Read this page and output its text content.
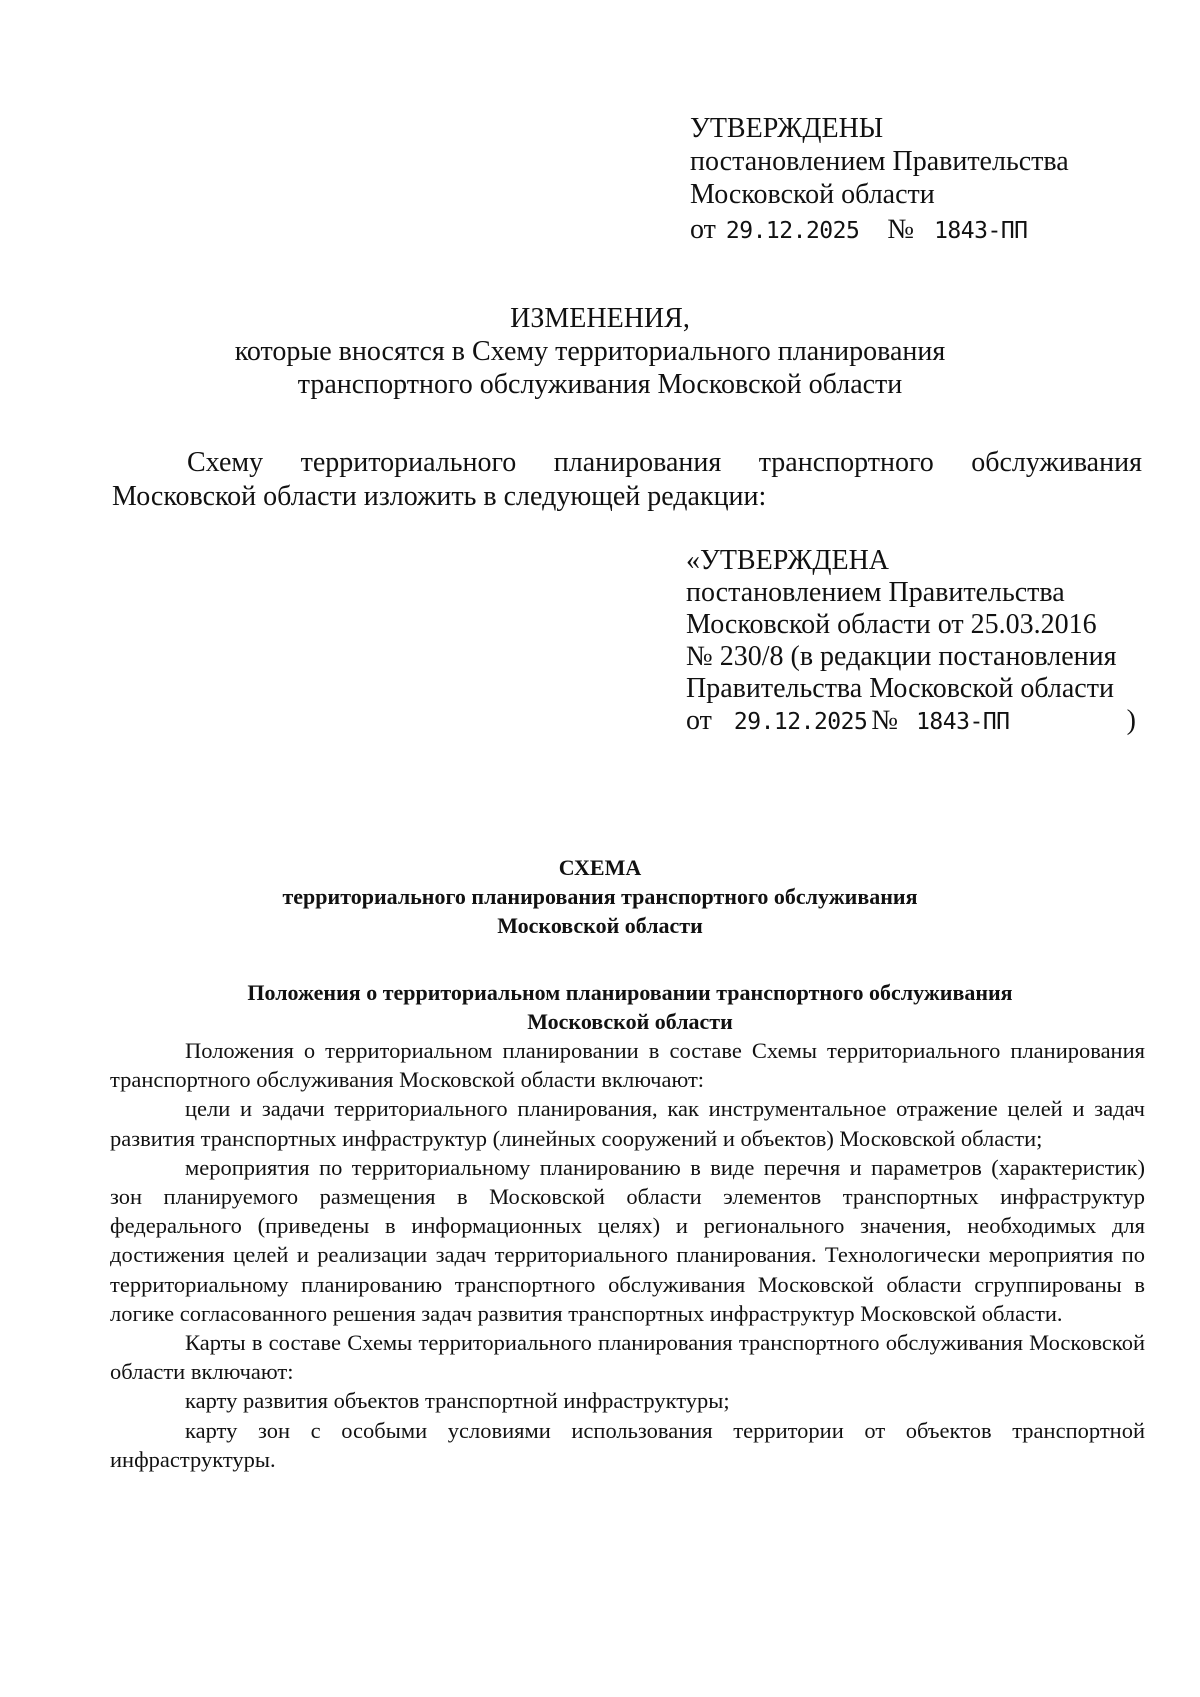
УТВЕРЖДЕНЫ
постановлением Правительства
Московской области
от 29.12.2025 № 1843-ПП
ИЗМЕНЕНИЯ,
которые вносятся в Схему территориального планирования
транспортного обслуживания Московской области
Схему территориального планирования транспортного обслуживания
Московской области изложить в следующей редакции:
«УТВЕРЖДЕНА
постановлением Правительства
Московской области от 25.03.2016
№ 230/8 (в редакции постановления
Правительства Московской области
от 29.12.2025 № 1843-ПП	)
СХЕМА
территориального планирования транспортного обслуживания
Московской области
Положения о территориальном планировании транспортного обслуживания
Московской области

Положения о территориальном планировании в составе Схемы территориального планирования транспортного обслуживания Московской области включают:

цели и задачи территориального планирования, как инструментальное отражение целей и задач развития транспортных инфраструктур (линейных сооружений и объектов) Московской области;

мероприятия по территориальному планированию в виде перечня и параметров (характеристик) зон планируемого размещения в Московской области элементов транспортных инфраструктур федерального (приведены в информационных целях) и регионального значения, необходимых для достижения целей и реализации задач территориального планирования. Технологически мероприятия по территориальному планированию транспортного обслуживания Московской области сгруппированы в логике согласованного решения задач развития транспортных инфраструктур Московской области.

Карты в составе Схемы территориального планирования транспортного обслуживания Московской области включают:

карту развития объектов транспортной инфраструктуры;

карту зон с особыми условиями использования территории от объектов транспортной инфраструктуры.
